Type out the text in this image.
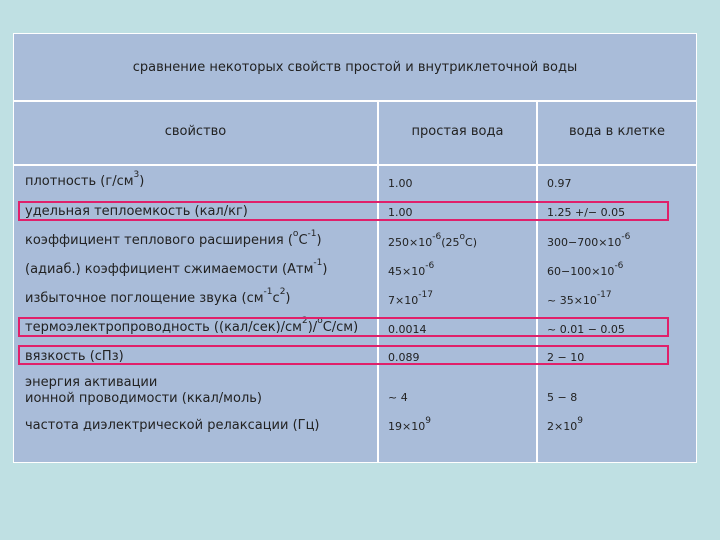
сравнение некоторых свойств простой и внутриклеточной воды
свойство	простая вода	вода в клетке
плотность $(г/см^3)$	1.00	0.97
удельная теплоемкость (кал/кг)	1.00	1.25 +/− 0.05
коэффициент теплового расширения $(^оС^{-1})$	$250\times 10^{-6}(25^оС)$	$300-700\times 10^{-6}$
(адиаб.) коэффициент сжимаемости (Атм$^{-1}$)	$45\times 10^{-6}$	$60-100\times 10^{-6}$
избыточное поглощение звука $(см^{-1}с^2)$	$7\times 10^{-17}$	~ $35\times 10^{-17}$
термоэлектропроводность $((кал/сек)/см^2)/^оС/см$)	0.0014	~ 0.01 − 0.05
вязкость (сПз)	0.089	2 − 10
энергия активации
ионной проводимости (ккал/моль)	~ 4	5 − 8
частота диэлектрической релаксации (Гц)	$19\times 10^9$	$2\times 10^9$
